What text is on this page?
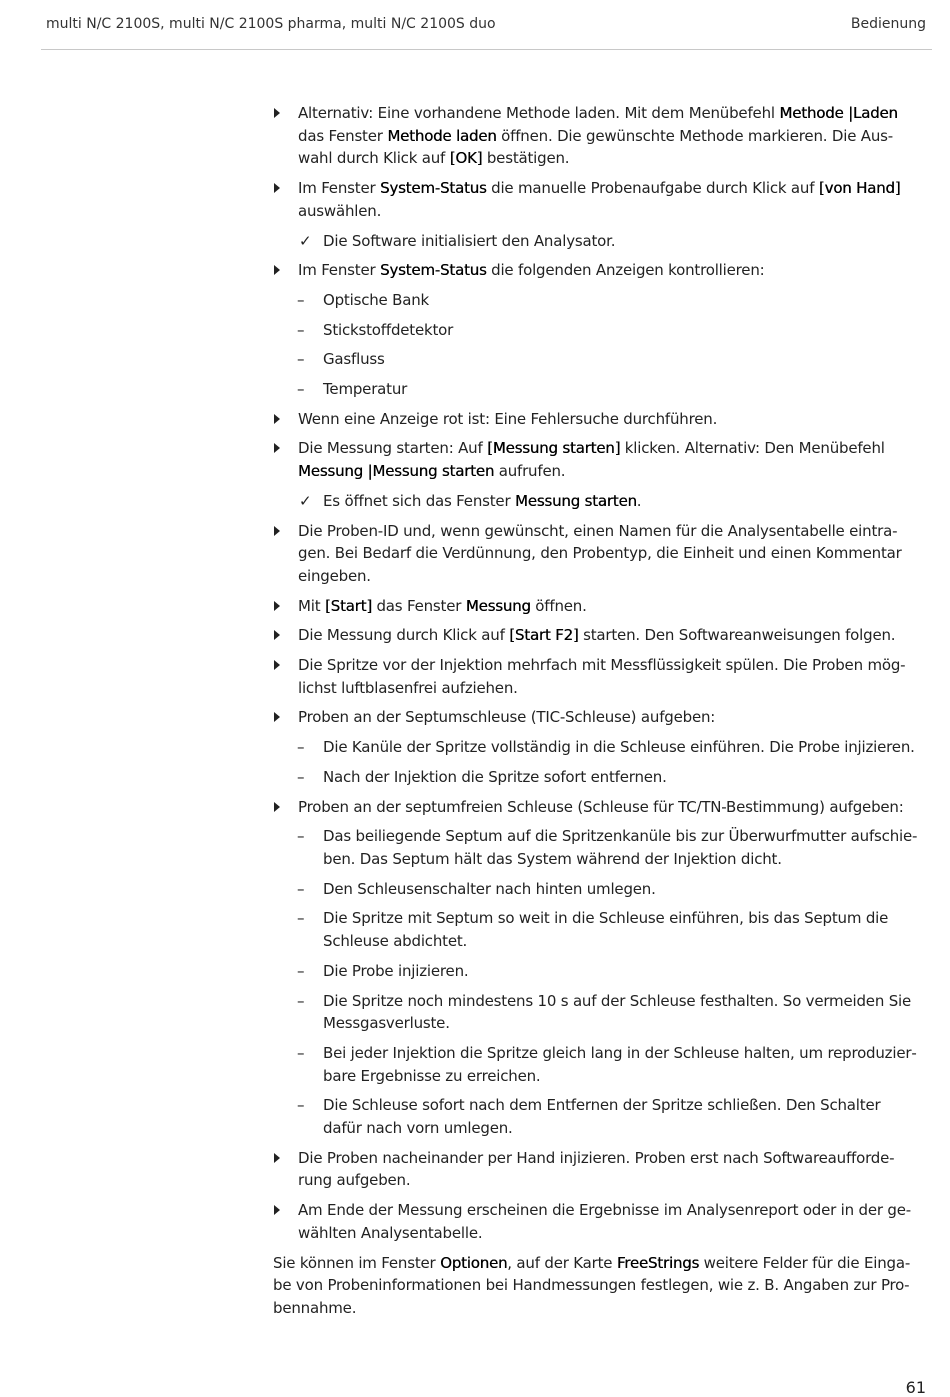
multi N/C 2100S, multi N/C 2100S pharma, multi N/C 2100S duo	Bedienung
Alternativ: Eine vorhandene Methode laden. Mit dem Menübefehl Methode |Laden das Fenster Methode laden öffnen. Die gewünschte Methode markieren. Die Auswahl durch Klick auf [OK] bestätigen.
Im Fenster System-Status die manuelle Probenaufgabe durch Klick auf [von Hand] auswählen.
✓ Die Software initialisiert den Analysator.
Im Fenster System-Status die folgenden Anzeigen kontrollieren:
– Optische Bank
– Stickstoffdetektor
– Gasfluss
– Temperatur
Wenn eine Anzeige rot ist: Eine Fehlersuche durchführen.
Die Messung starten: Auf [Messung starten] klicken. Alternativ: Den Menübefehl Messung |Messung starten aufrufen.
✓ Es öffnet sich das Fenster Messung starten.
Die Proben-ID und, wenn gewünscht, einen Namen für die Analysentabelle eintragen. Bei Bedarf die Verdünnung, den Probentyp, die Einheit und einen Kommentar eingeben.
Mit [Start] das Fenster Messung öffnen.
Die Messung durch Klick auf [Start F2] starten. Den Softwareanweisungen folgen.
Die Spritze vor der Injektion mehrfach mit Messflüssigkeit spülen. Die Proben möglichst luftblasenfrei aufziehen.
Proben an der Septumschleuse (TIC-Schleuse) aufgeben:
– Die Kanüle der Spritze vollständig in die Schleuse einführen. Die Probe injizieren.
– Nach der Injektion die Spritze sofort entfernen.
Proben an der septumfreien Schleuse (Schleuse für TC/TN-Bestimmung) aufgeben:
– Das beiliegende Septum auf die Spritzenkanüle bis zur Überwurfmutter aufschieben. Das Septum hält das System während der Injektion dicht.
– Den Schleusenschalter nach hinten umlegen.
– Die Spritze mit Septum so weit in die Schleuse einführen, bis das Septum die Schleuse abdichtet.
– Die Probe injizieren.
– Die Spritze noch mindestens 10 s auf der Schleuse festhalten. So vermeiden Sie Messgasverluste.
– Bei jeder Injektion die Spritze gleich lang in der Schleuse halten, um reproduzierbare Ergebnisse zu erreichen.
– Die Schleuse sofort nach dem Entfernen der Spritze schließen. Den Schalter dafür nach vorn umlegen.
Die Proben nacheinander per Hand injizieren. Proben erst nach Softwareaufforderung aufgeben.
Am Ende der Messung erscheinen die Ergebnisse im Analysenreport oder in der gewählten Analysentabelle.
Sie können im Fenster Optionen, auf der Karte FreeStrings weitere Felder für die Eingabe von Probeninformationen bei Handmessungen festlegen, wie z. B. Angaben zur Probennahme.
61
